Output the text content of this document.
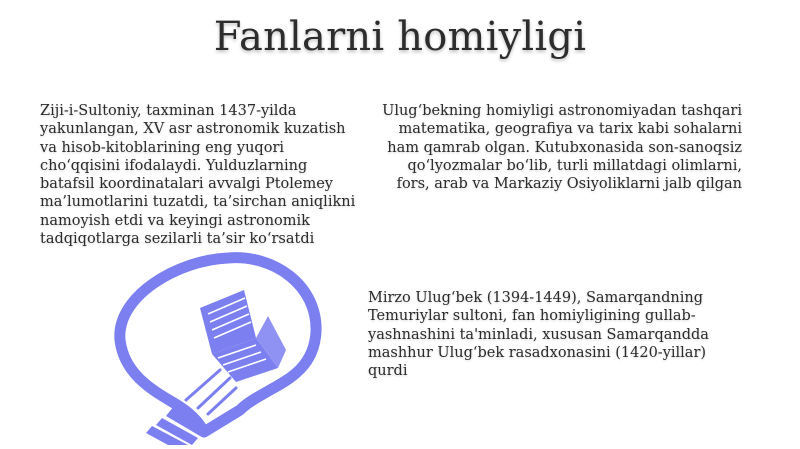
Fanlarni homiyligi
Ziji-i-Sultoniy, taxminan 1437-yilda yakunlangan, XV asr astronomik kuzatish va hisob-kitoblarining eng yuqori cho‘qqisini ifodalaydi. Yulduzlarning batafsil koordinatalari avvalgi Ptolemey ma’lumotlarini tuzatdi, ta’sirchan aniqlikni namoyish etdi va keyingi astronomik tadqiqotlarga sezilarli ta’sir ko‘rsatdi
Ulug‘bekning homiyligi astronomiyadan tashqari matematika, geografiya va tarix kabi sohalarni ham qamrab olgan. Kutubxonasida son-sanoqsiz qo‘lyozmalar bo‘lib, turli millatdagi olimlarni, fors, arab va Markaziy Osiyoliklarni jalb qilgan
Mirzo Ulug‘bek (1394-1449), Samarqandning Temuriylar sultoni, fan homiyligining gullab-yashnashini ta'minladi, xususan Samarqandda mashhur Ulug‘bek rasadxonasini (1420-yillar) qurdi
